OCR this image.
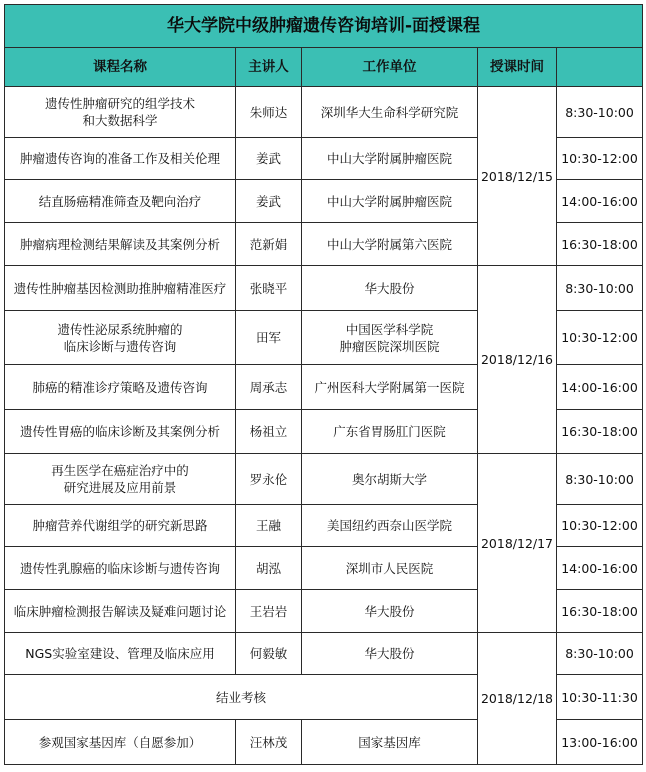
华大学院中级肿瘤遗传咨询培训-面授课程				
课程名称	主讲人	工作单位	授课时间	
遗传性肿瘤研究的组学技术
和大数据科学	朱师达	深圳华大生命科学研究院	2018/12/15	8:30-10:00
肿瘤遗传咨询的准备工作及相关伦理	姜武	中山大学附属肿瘤医院		10:30-12:00
结直肠癌精准筛查及靶向治疗	姜武	中山大学附属肿瘤医院		14:00-16:00
肿瘤病理检测结果解读及其案例分析	范新娟	中山大学附属第六医院		16:30-18:00
遗传性肿瘤基因检测助推肿瘤精准医疗	张晓平	华大股份	2018/12/16	8:30-10:00
遗传性泌尿系统肿瘤的
临床诊断与遗传咨询	田军	中国医学科学院
肿瘤医院深圳医院		10:30-12:00
肺癌的精准诊疗策略及遗传咨询	周承志	广州医科大学附属第一医院		14:00-16:00
遗传性胃癌的临床诊断及其案例分析	杨祖立	广东省胃肠肛门医院		16:30-18:00
再生医学在癌症治疗中的
研究进展及应用前景	罗永伦	奥尔胡斯大学	2018/12/17	8:30-10:00
肿瘤营养代谢组学的研究新思路	王融	美国纽约西奈山医学院		10:30-12:00
遗传性乳腺癌的临床诊断与遗传咨询	胡泓	深圳市人民医院		14:00-16:00
临床肿瘤检测报告解读及疑难问题讨论	王岩岩	华大股份		16:30-18:00
NGS实验室建设、管理及临床应用	何毅敏	华大股份	2018/12/18	8:30-10:00
结业考核				10:30-11:30
参观国家基因库（自愿参加）	汪林茂	国家基因库		13:00-16:00
